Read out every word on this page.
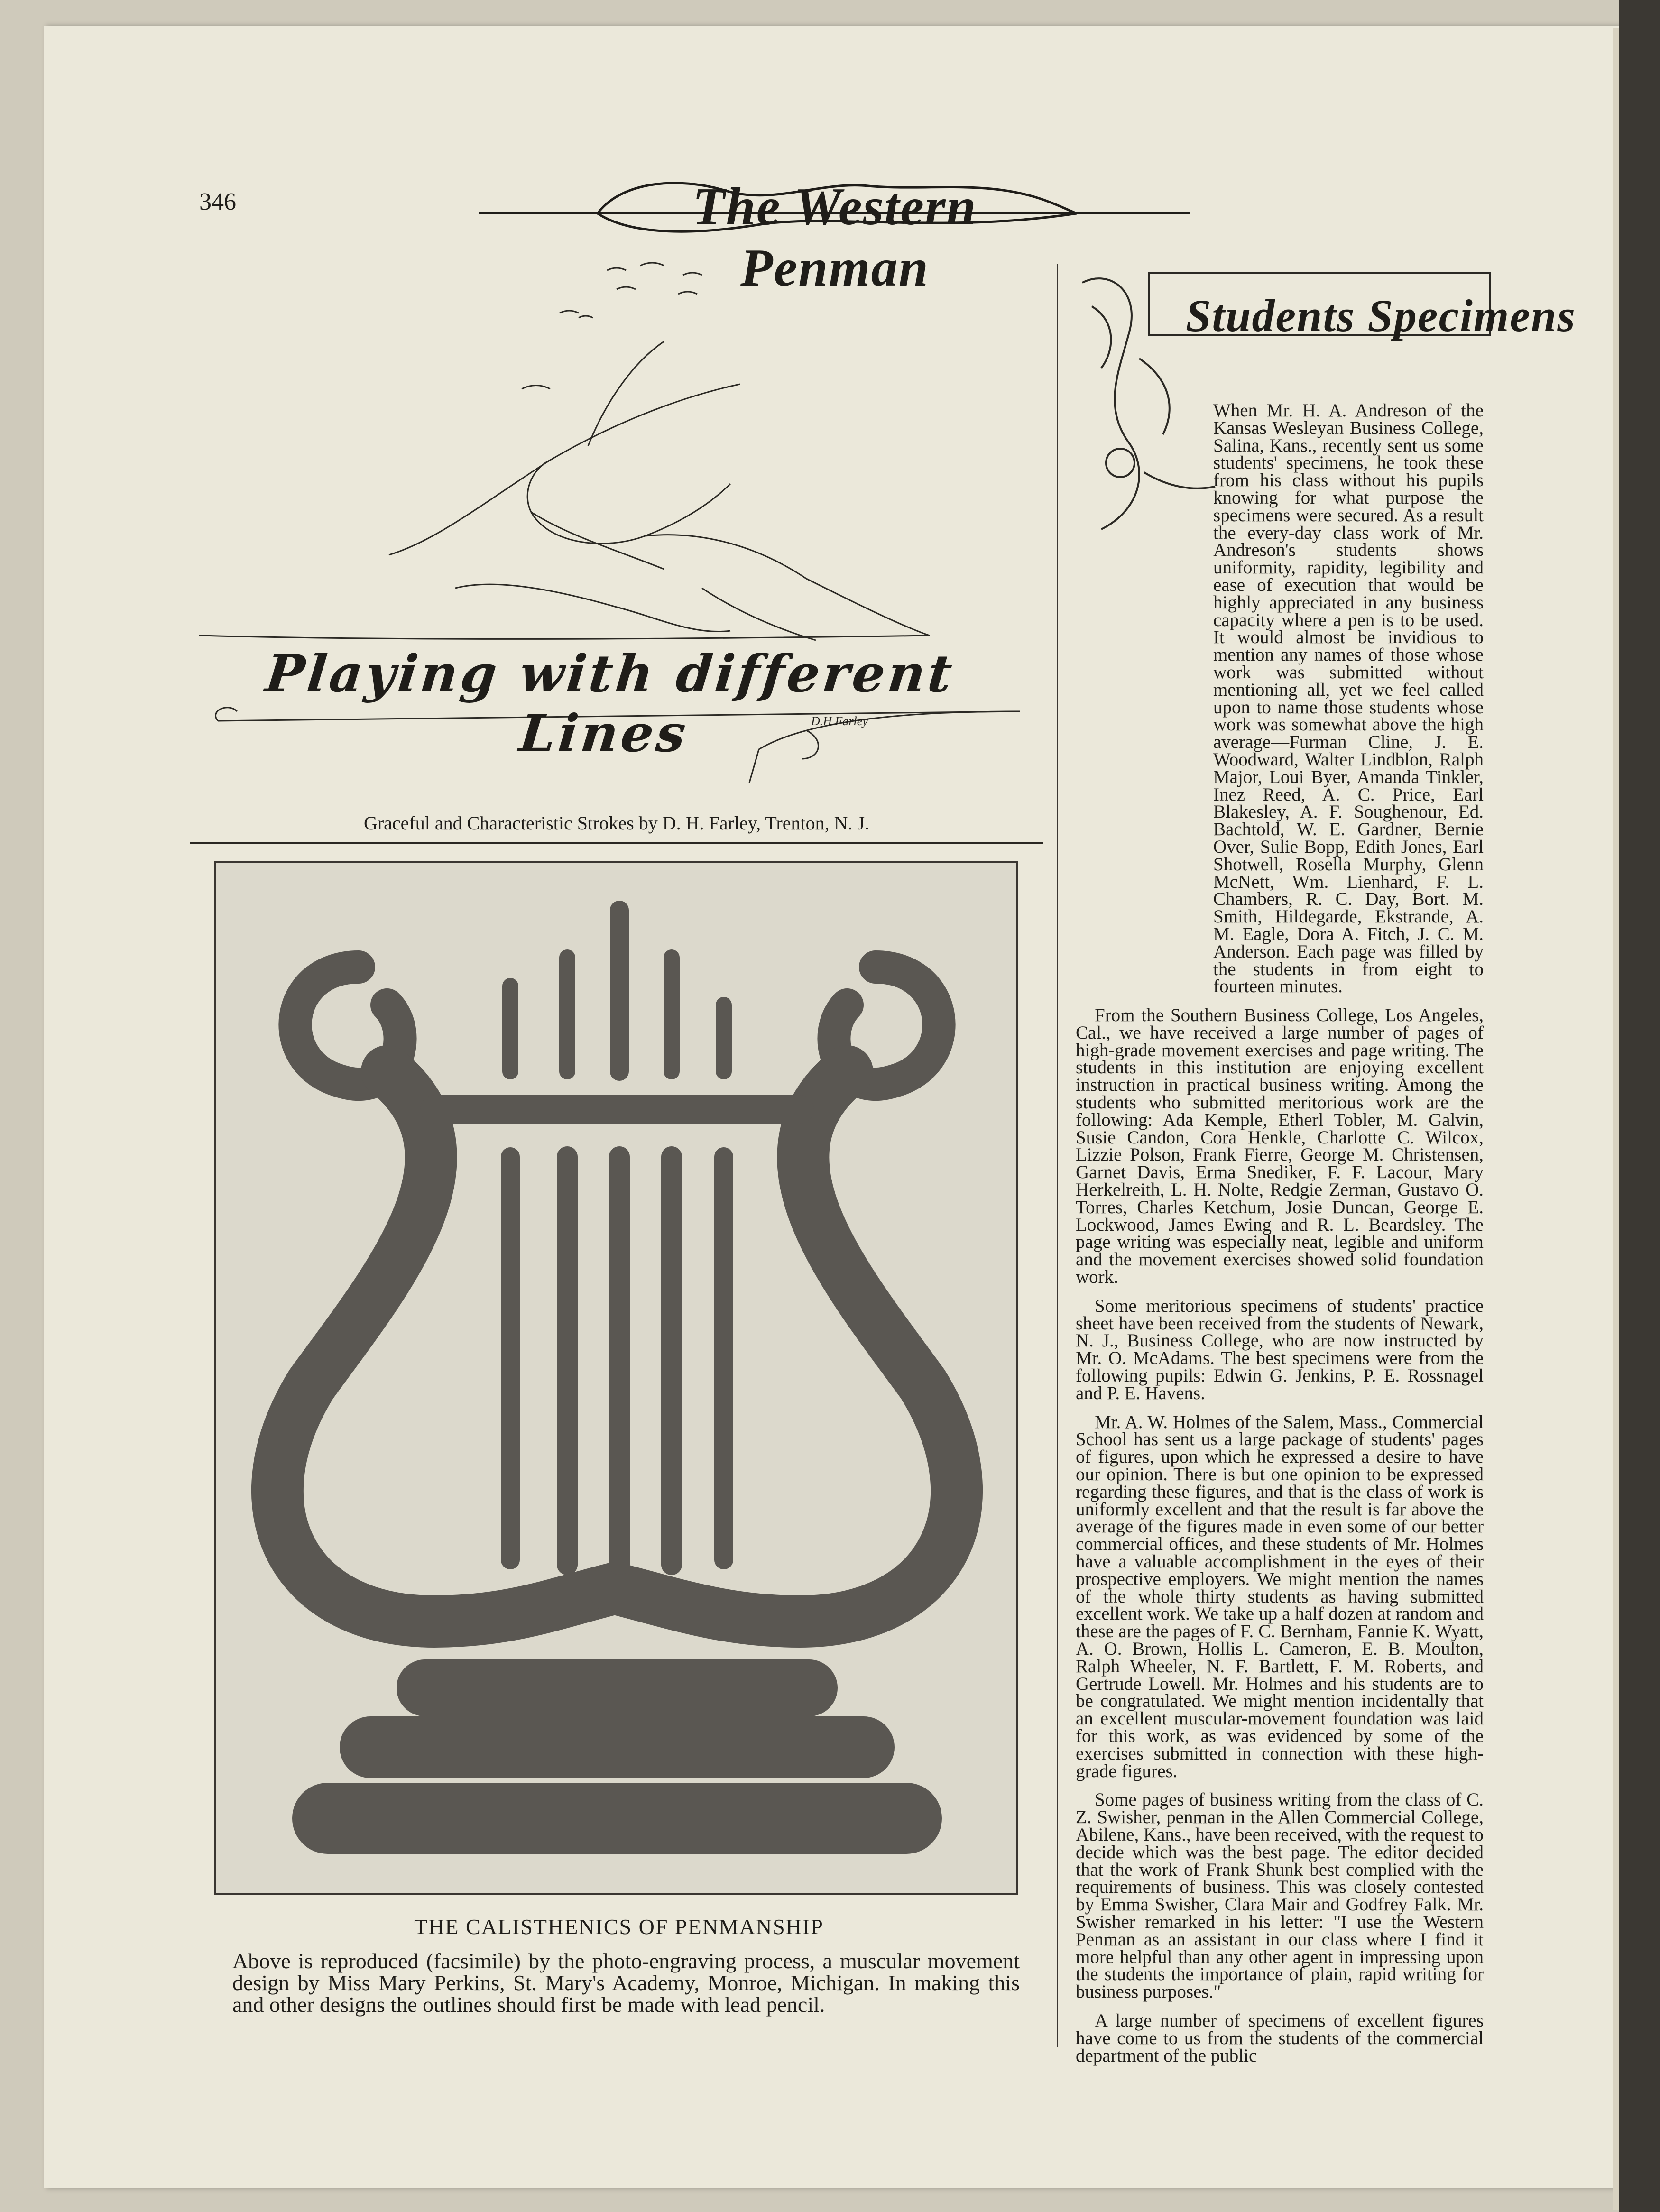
346	The Western Penman
Playing with different Lines	D.H.Farley
Graceful and Characteristic Strokes by D. H. Farley, Trenton, N. J.
THE CALISTHENICS OF PENMANSHIP
Above is reproduced (facsimile) by the photo-engraving process, a muscular movement design by Miss Mary Perkins, St. Mary's Academy, Monroe, Michigan. In making this and other designs the outlines should first be made with lead pencil.
Students Specimens

When Mr. H. A. Andreson of the Kansas Wesleyan Business College, Salina, Kans., recently sent us some students' specimens, he took these from his class without his pupils knowing for what purpose the specimens were secured. As a result the every-day class work of Mr. Andreson's students shows uniformity, rapidity, legibility and ease of execution that would be highly appreciated in any business capacity where a pen is to be used. It would almost be invidious to mention any names of those whose work was submitted without mentioning all, yet we feel called upon to name those students whose work was somewhat above the high average—Furman Cline, J. E. Woodward, Walter Lindblon, Ralph Major, Loui Byer, Amanda Tinkler, Inez Reed, A. C. Price, Earl Blakesley, A. F. Soughenour, Ed. Bachtold, W. E. Gardner, Bernie Over, Sulie Bopp, Edith Jones, Earl Shotwell, Rosella Murphy, Glenn McNett, Wm. Lienhard, F. L. Chambers, R. C. Day, Bort. M. Smith, Hildegarde, Ekstrande, A. M. Eagle, Dora A. Fitch, J. C. M. Anderson. Each page was filled by the students in from eight to fourteen minutes.

From the Southern Business College, Los Angeles, Cal., we have received a large number of pages of high-grade movement exercises and page writing. The students in this institution are enjoying excellent instruction in practical business writing. Among the students who submitted meritorious work are the following: Ada Kemple, Etherl Tobler, M. Galvin, Susie Candon, Cora Henkle, Charlotte C. Wilcox, Lizzie Polson, Frank Fierre, George M. Christensen, Garnet Davis, Erma Snediker, F. F. Lacour, Mary Herkelreith, L. H. Nolte, Redgie Zerman, Gustavo O. Torres, Charles Ketchum, Josie Duncan, George E. Lockwood, James Ewing and R. L. Beardsley. The page writing was especially neat, legible and uniform and the movement exercises showed solid foundation work.

Some meritorious specimens of students' practice sheet have been received from the students of Newark, N. J., Business College, who are now instructed by Mr. O. McAdams. The best specimens were from the following pupils: Edwin G. Jenkins, P. E. Rossnagel and P. E. Havens.

Mr. A. W. Holmes of the Salem, Mass., Commercial School has sent us a large package of students' pages of figures, upon which he expressed a desire to have our opinion. There is but one opinion to be expressed regarding these figures, and that is the class of work is uniformly excellent and that the result is far above the average of the figures made in even some of our better commercial offices, and these students of Mr. Holmes have a valuable accomplishment in the eyes of their prospective employers. We might mention the names of the whole thirty students as having submitted excellent work. We take up a half dozen at random and these are the pages of F. C. Bernham, Fannie K. Wyatt, A. O. Brown, Hollis L. Cameron, E. B. Moulton, Ralph Wheeler, N. F. Bartlett, F. M. Roberts, and Gertrude Lowell. Mr. Holmes and his students are to be congratulated. We might mention incidentally that an excellent muscular-movement foundation was laid for this work, as was evidenced by some of the exercises submitted in connection with these high-grade figures.

Some pages of business writing from the class of C. Z. Swisher, penman in the Allen Commercial College, Abilene, Kans., have been received, with the request to decide which was the best page. The editor decided that the work of Frank Shunk best complied with the requirements of business. This was closely contested by Emma Swisher, Clara Mair and Godfrey Falk. Mr. Swisher remarked in his letter: "I use the Western Penman as an assistant in our class where I find it more helpful than any other agent in impressing upon the students the importance of plain, rapid writing for business purposes."

A large number of specimens of excellent figures have come to us from the students of the commercial department of the public
